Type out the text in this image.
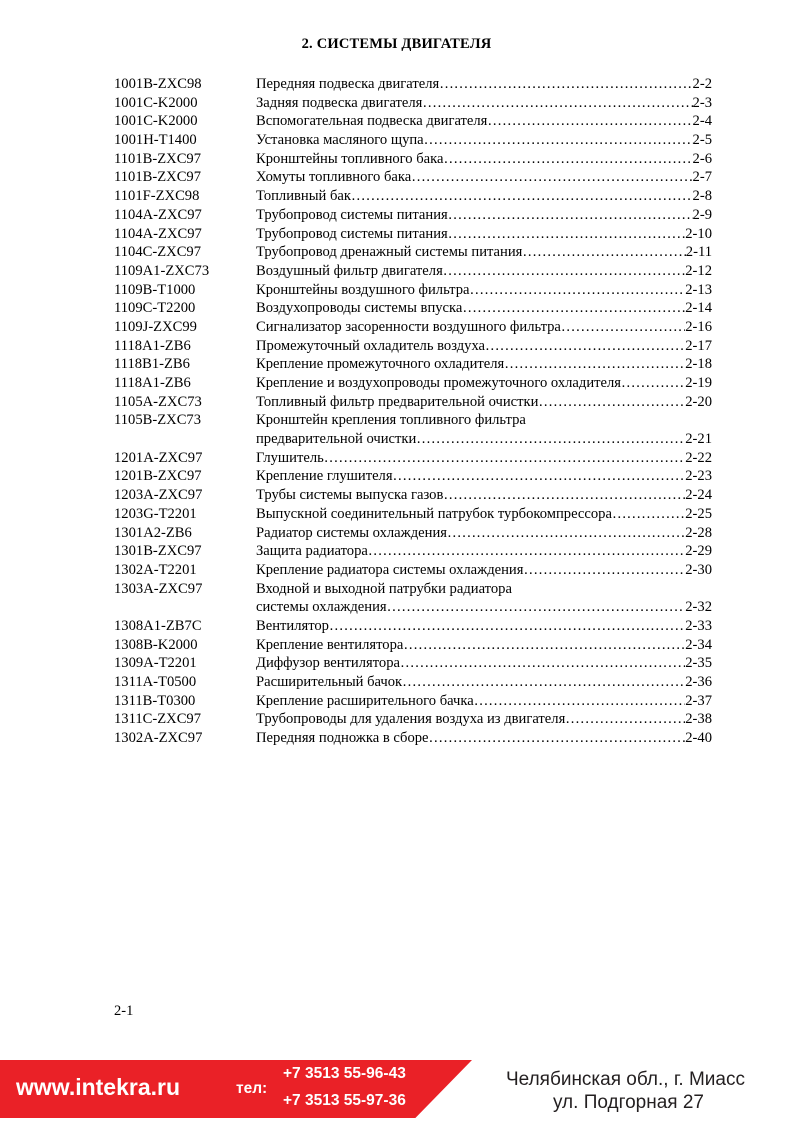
2. СИСТЕМЫ ДВИГАТЕЛЯ
1001B-ZXC98	Передняя подвеска двигателя ……………………………………………………………………………………………………………………………………………………	2-2
1001C-K2000	Задняя подвеска двигателя ……………………………………………………………………………………………………………………………………………………	2-3
1001C-K2000	Вспомогательная подвеска двигателя ……………………………………………………………………………………………………………………………………………………	2-4
1001H-T1400	Установка масляного щупа ……………………………………………………………………………………………………………………………………………………	2-5
1101B-ZXC97	Кронштейны топливного бака ……………………………………………………………………………………………………………………………………………………	2-6
1101B-ZXC97	Хомуты топливного бака ……………………………………………………………………………………………………………………………………………………	2-7
1101F-ZXC98	Топливный бак ……………………………………………………………………………………………………………………………………………………	2-8
1104A-ZXC97	Трубопровод системы питания ……………………………………………………………………………………………………………………………………………………	2-9
1104A-ZXC97	Трубопровод системы питания ……………………………………………………………………………………………………………………………………………………	2-10
1104C-ZXC97	Трубопровод дренажный системы питания ……………………………………………………………………………………………………………………………………………………	2-11
1109A1-ZXC73	Воздушный фильтр двигателя ……………………………………………………………………………………………………………………………………………………	2-12
1109B-T1000	Кронштейны воздушного фильтра ……………………………………………………………………………………………………………………………………………………	2-13
1109C-T2200	Воздухопроводы системы впуска ……………………………………………………………………………………………………………………………………………………	2-14
1109J-ZXC99	Сигнализатор засоренности воздушного фильтра ……………………………………………………………………………………………………………………………………………………	2-16
1118A1-ZB6	Промежуточный охладитель воздуха ……………………………………………………………………………………………………………………………………………………	2-17
1118B1-ZB6	Крепление промежуточного охладителя ……………………………………………………………………………………………………………………………………………………	2-18
1118A1-ZB6	Крепление и воздухопроводы промежуточного охладителя ……………………………………………………………………………………………………………………………………………………	2-19
1105A-ZXC73	Топливный фильтр предварительной очистки ……………………………………………………………………………………………………………………………………………………	2-20
1105B-ZXC73	Кронштейн крепления топливного фильтра
предварительной очистки ……………………………………………………………………………………………………………………………………………………	2-21
1201A-ZXC97	Глушитель ……………………………………………………………………………………………………………………………………………………	2-22
1201B-ZXC97	Крепление глушителя ……………………………………………………………………………………………………………………………………………………	2-23
1203A-ZXC97	Трубы системы выпуска газов ……………………………………………………………………………………………………………………………………………………	2-24
1203G-T2201	Выпускной соединительный патрубок турбокомпрессора ……………………………………………………………………………………………………………………………………………………	2-25
1301A2-ZB6	Радиатор системы охлаждения ……………………………………………………………………………………………………………………………………………………	2-28
1301B-ZXC97	Защита радиатора ……………………………………………………………………………………………………………………………………………………	2-29
1302A-T2201	Крепление радиатора системы охлаждения ……………………………………………………………………………………………………………………………………………………	2-30
1303A-ZXC97	Входной и выходной патрубки радиатора
системы охлаждения ……………………………………………………………………………………………………………………………………………………	2-32
1308A1-ZB7C	Вентилятор ……………………………………………………………………………………………………………………………………………………	2-33
1308B-K2000	Крепление вентилятора ……………………………………………………………………………………………………………………………………………………	2-34
1309A-T2201	Диффузор вентилятора ……………………………………………………………………………………………………………………………………………………	2-35
1311A-T0500	Расширительный бачок ……………………………………………………………………………………………………………………………………………………	2-36
1311B-T0300	Крепление расширительного бачка ……………………………………………………………………………………………………………………………………………………	2-37
1311C-ZXC97	Трубопроводы для удаления воздуха из двигателя ……………………………………………………………………………………………………………………………………………………	2-38
1302A-ZXC97	Передняя подножка в сборе ……………………………………………………………………………………………………………………………………………………	2-40
2-1
www.intekra.ru	тел:
+7 3513 55-96-43
+7 3513 55-97-36
Челябинская обл., г. Миасс
ул. Подгорная 27
